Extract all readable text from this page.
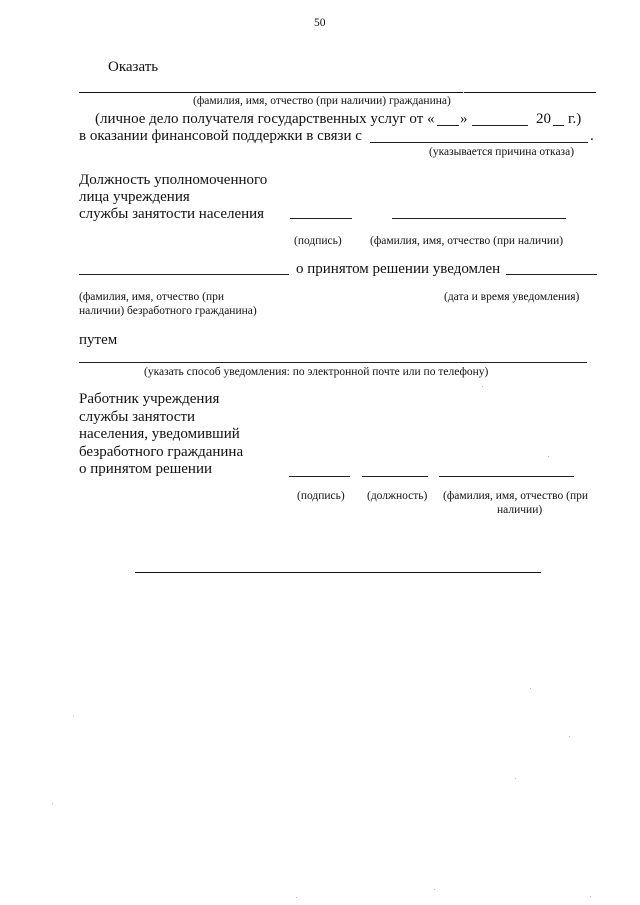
50
Оказать
(фамилия, имя, отчество (при наличии) гражданина)
(личное дело получателя государственных услуг от « »	20 г.)
в оказании финансовой поддержки в связи с	.
(указывается причина отказа)
Должность уполномоченного
лица учреждения
службы занятости населения
(подпись) (фамилия, имя, отчество (при наличии)
о принятом решении уведомлен
(фамилия, имя, отчество (при
наличии) безработного гражданина)
(дата и время уведомления)
путем
(указать способ уведомления: по электронной почте или по телефону)
Работник учреждения
службы занятости
населения, уведомивший
безработного гражданина
о принятом решении
(подпись) (должность) (фамилия, имя, отчество (при
наличии)
